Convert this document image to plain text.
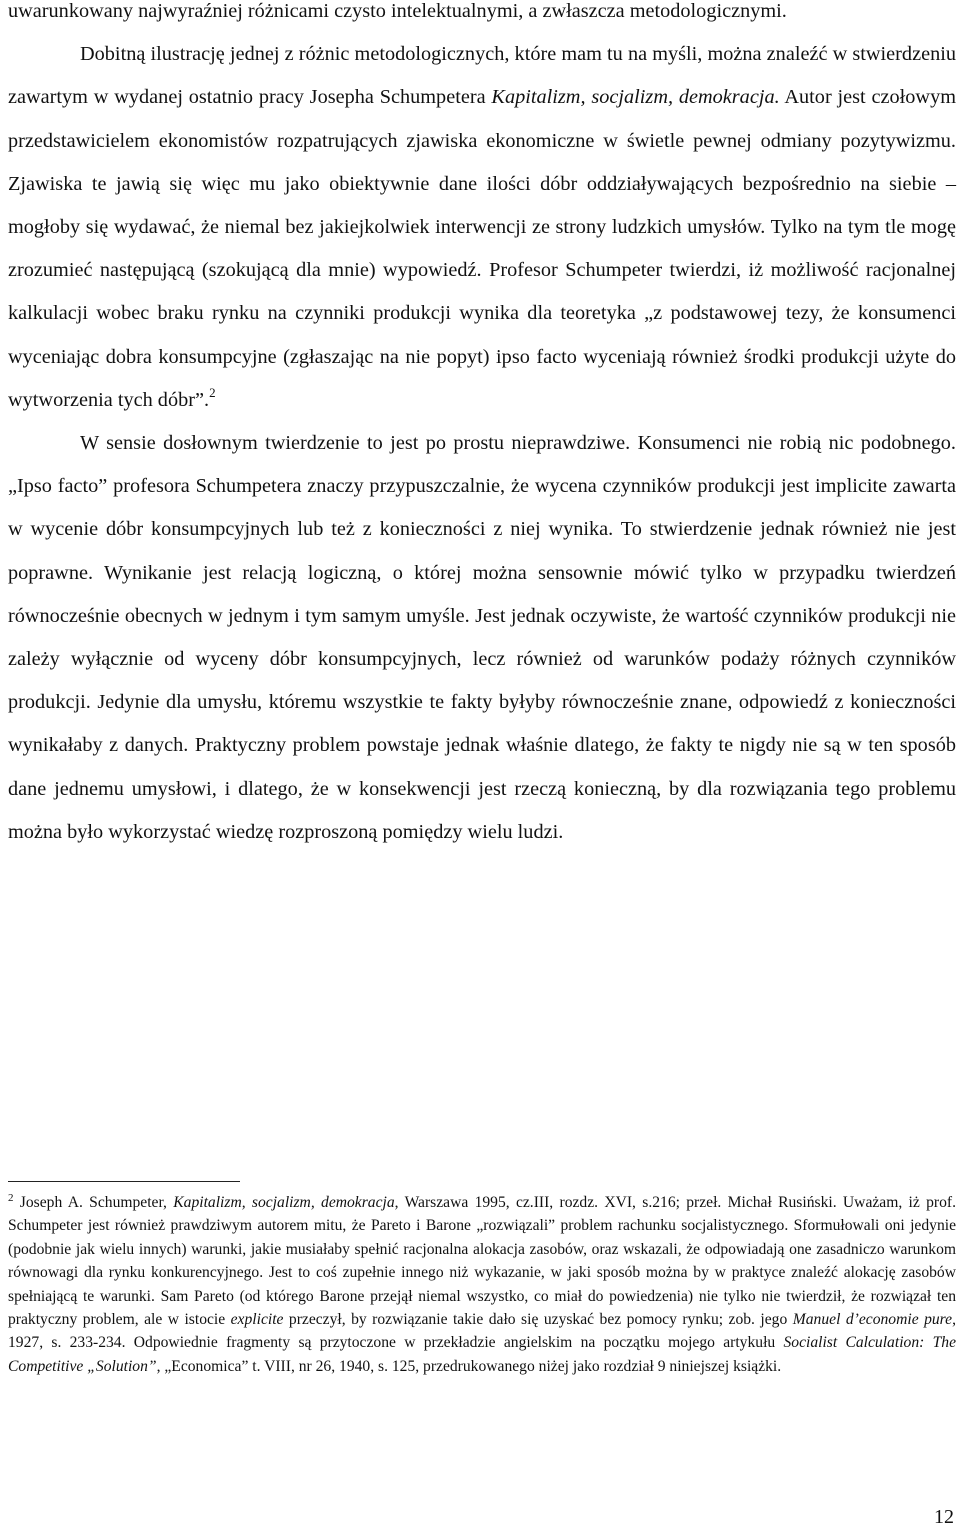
uwarunkowany najwyraźniej różnicami czysto intelektualnymi, a zwłaszcza metodologicznymi.

Dobitną ilustrację jednej z różnic metodologicznych, które mam tu na myśli, można znaleźć w stwierdzeniu zawartym w wydanej ostatnio pracy Josepha Schumpetera Kapitalizm, socjalizm, demokracja. Autor jest czołowym przedstawicielem ekonomistów rozpatrujących zjawiska ekonomiczne w świetle pewnej odmiany pozytywizmu. Zjawiska te jawią się więc mu jako obiektywnie dane ilości dóbr oddziaływających bezpośrednio na siebie – mogłoby się wydawać, że niemal bez jakiejkolwiek interwencji ze strony ludzkich umysłów. Tylko na tym tle mogę zrozumieć następującą (szokującą dla mnie) wypowiedź. Profesor Schumpeter twierdzi, iż możliwość racjonalnej kalkulacji wobec braku rynku na czynniki produkcji wynika dla teoretyka „z podstawowej tezy, że konsumenci wyceniając dobra konsumpcyjne (zgłaszając na nie popyt) ipso facto wyceniają również środki produkcji użyte do wytworzenia tych dóbr”.$^2$

W sensie dosłownym twierdzenie to jest po prostu nieprawdziwe. Konsumenci nie robią nic podobnego. „Ipso facto” profesora Schumpetera znaczy przypuszczalnie, że wycena czynników produkcji jest implicite zawarta w wycenie dóbr konsumpcyjnych lub też z konieczności z niej wynika. To stwierdzenie jednak również nie jest poprawne. Wynikanie jest relacją logiczną, o której można sensownie mówić tylko w przypadku twierdzeń równocześnie obecnych w jednym i tym samym umyśle. Jest jednak oczywiste, że wartość czynników produkcji nie zależy wyłącznie od wyceny dóbr konsumpcyjnych, lecz również od warunków podaży różnych czynników produkcji. Jedynie dla umysłu, któremu wszystkie te fakty byłyby równocześnie znane, odpowiedź z konieczności wynikałaby z danych. Praktyczny problem powstaje jednak właśnie dlatego, że fakty te nigdy nie są w ten sposób dane jednemu umysłowi, i dlatego, że w konsekwencji jest rzeczą konieczną, by dla rozwiązania tego problemu można było wykorzystać wiedzę rozproszoną pomiędzy wielu ludzi.

$^2$ Joseph A. Schumpeter, Kapitalizm, socjalizm, demokracja, Warszawa 1995, cz.III, rozdz. XVI, s.216; przeł. Michał Rusiński. Uważam, iż prof. Schumpeter jest również prawdziwym autorem mitu, że Pareto i Barone „rozwiązali” problem rachunku socjalistycznego. Sformułowali oni jedynie (podobnie jak wielu innych) warunki, jakie musiałaby spełnić racjonalna alokacja zasobów, oraz wskazali, że odpowiadają one zasadniczo warunkom równowagi dla rynku konkurencyjnego. Jest to coś zupełnie innego niż wykazanie, w jaki sposób można by w praktyce znaleźć alokację zasobów spełniającą te warunki. Sam Pareto (od którego Barone przejął niemal wszystko, co miał do powiedzenia) nie tylko nie twierdził, że rozwiązał ten praktyczny problem, ale w istocie explicite przeczył, by rozwiązanie takie dało się uzyskać bez pomocy rynku; zob. jego Manuel d’economie pure, 1927, s. 233-234. Odpowiednie fragmenty są przytoczone w przekładzie angielskim na początku mojego artykułu Socialist Calculation: The Competitive „Solution”, „Economica” t. VIII, nr 26, 1940, s. 125, przedrukowanego niżej jako rozdział 9 niniejszej książki.

12
